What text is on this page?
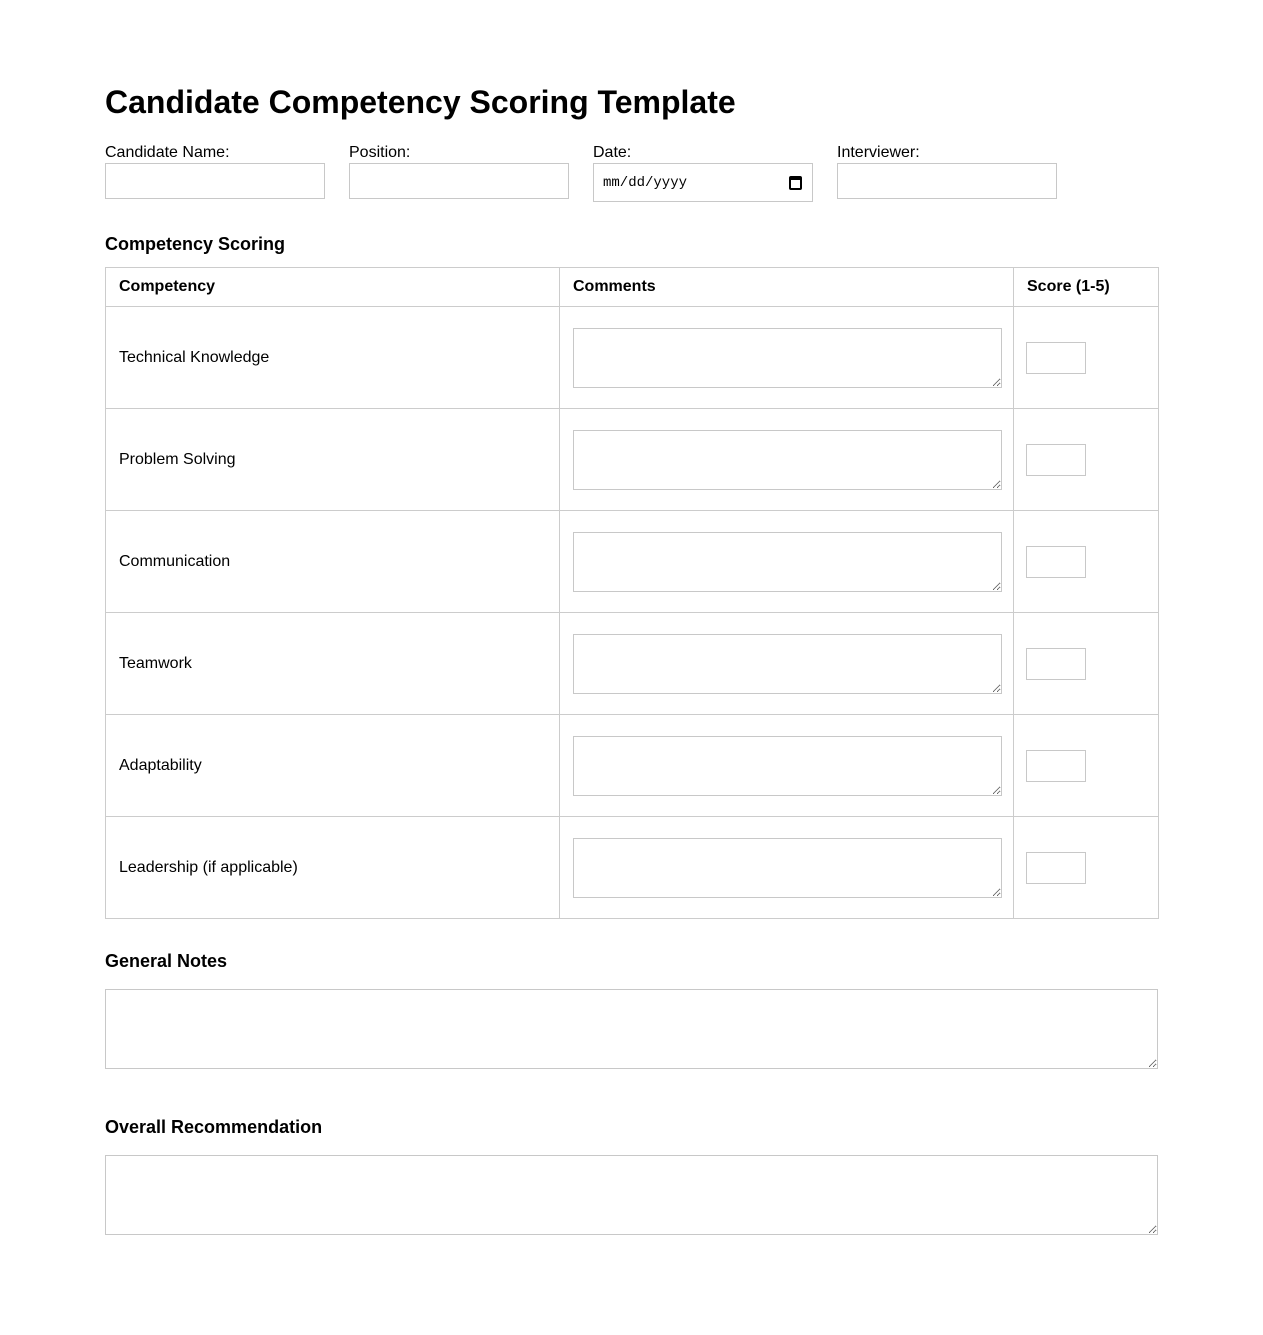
Candidate Competency Scoring Template
Candidate Name:	Position:	Date:
mm/dd/yyyy
Interviewer:
Competency Scoring
Competency	Comments	Score (1-5)
Technical Knowledge	

Problem Solving	

Communication	

Teamwork	

Adaptability	

Leadership (if applicable)	

General Notes
Overall Recommendation
